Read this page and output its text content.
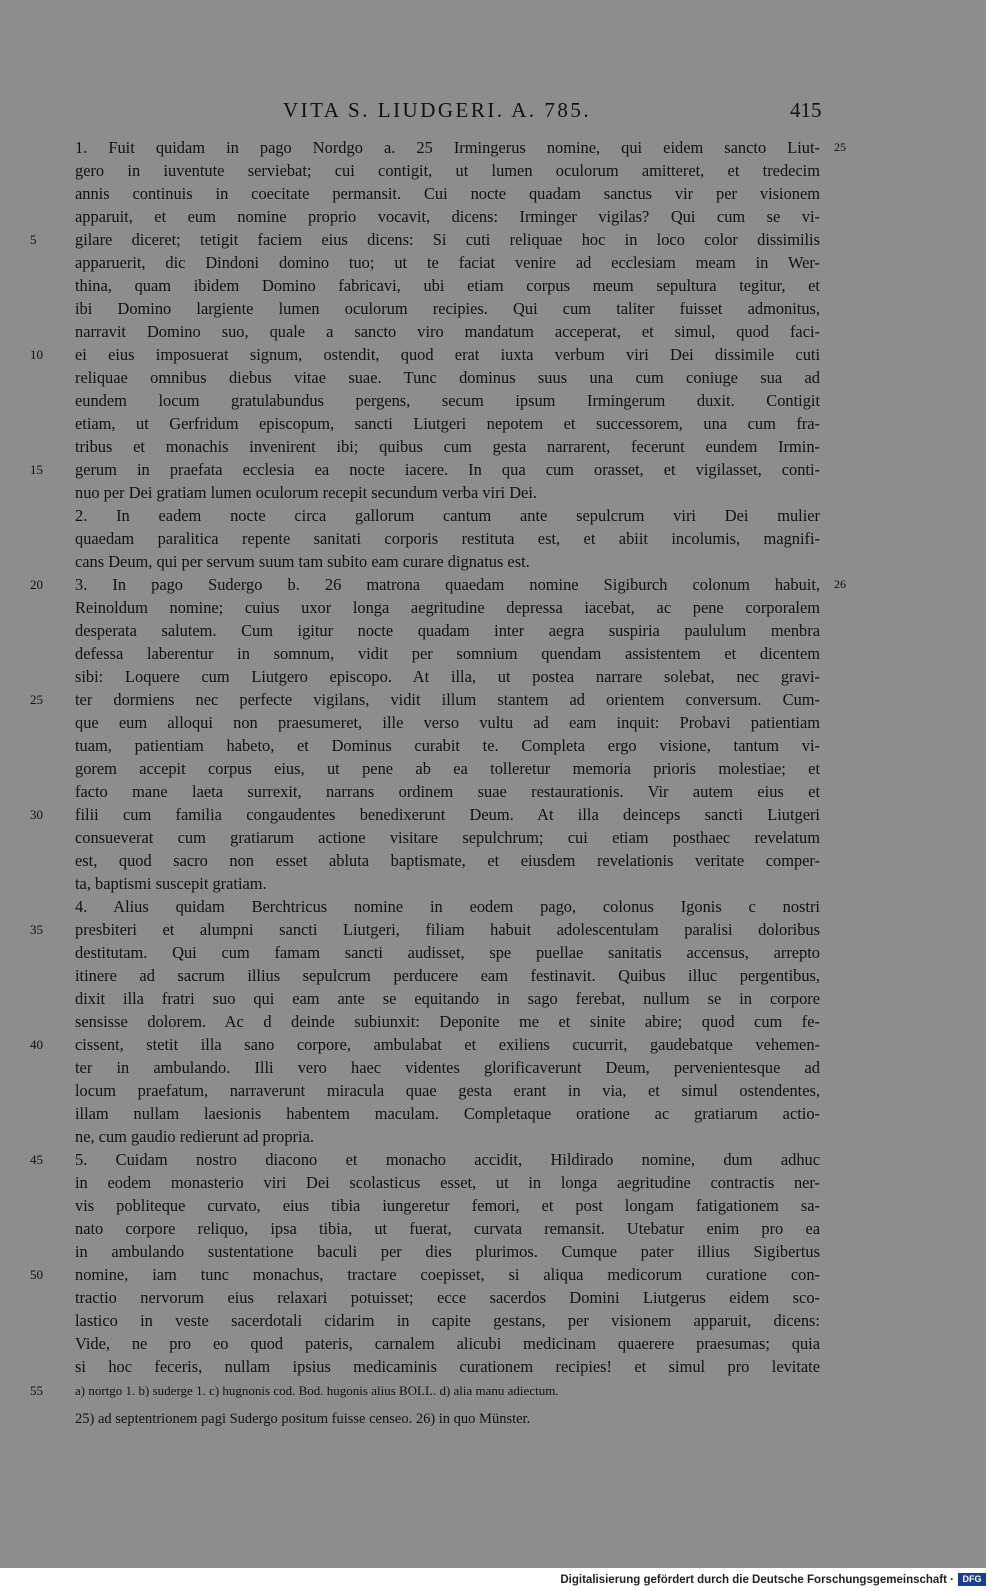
VITA S. LIUDGERI. A. 785.	415
1. Fuit quidam in pago Nordgo a. 25 Irmingerus nomine, qui eidem sancto Liut- 25
gero in iuventute serviebat; cui contigit, ut lumen oculorum amitteret, et tredecim
annis continuis in coecitate permansit. Cui nocte quadam sanctus vir per visionem
apparuit, et eum nomine proprio vocavit, dicens: Irminger vigilas? Qui cum se vi-
gilare diceret; tetigit faciem eius dicens: Si cuti reliquae hoc in loco color dissimilis
5
apparuerit, dic Dindoni domino tuo; ut te faciat venire ad ecclesiam meam in Wer-
thina, quam ibidem Domino fabricavi, ubi etiam corpus meum sepultura tegitur, et
ibi Domino largiente lumen oculorum recipies. Qui cum taliter fuisset admonitus,
narravit Domino suo, quale a sancto viro mandatum acceperat, et simul, quod faci-
ei eius imposuerat signum, ostendit, quod erat iuxta verbum viri Dei dissimile cuti
10
reliquae omnibus diebus vitae suae. Tunc dominus suus una cum coniuge sua ad
eundem locum gratulabundus pergens, secum ipsum Irmingerum duxit. Contigit
etiam, ut Gerfridum episcopum, sancti Liutgeri nepotem et successorem, una cum fra-
tribus et monachis invenirent ibi; quibus cum gesta narrarent, fecerunt eundem Irmin-
gerum in praefata ecclesia ea nocte iacere. In qua cum orasset, et vigilasset, conti-
15
nuo per Dei gratiam lumen oculorum recepit secundum verba viri Dei.
2. In eadem nocte circa gallorum cantum ante sepulcrum viri Dei mulier
quaedam paralitica repente sanitati corporis restituta est, et abiit incolumis, magnifi-
cans Deum, qui per servum suum tam subito eam curare dignatus est.
3. In pago Sudergo b. 26 matrona quaedam nomine Sigiburch colonum habuit,
20	26
Reinoldum nomine; cuius uxor longa aegritudine depressa iacebat, ac pene corporalem
desperata salutem. Cum igitur nocte quadam inter aegra suspiria paululum menbra
defessa laberentur in somnum, vidit per somnium quendam assistentem et dicentem
sibi: Loquere cum Liutgero episcopo. At illa, ut postea narrare solebat, nec gravi-
ter dormiens nec perfecte vigilans, vidit illum stantem ad orientem conversum. Cum-
25
que eum alloqui non praesumeret, ille verso vultu ad eam inquit: Probavi patientiam
tuam, patientiam habeto, et Dominus curabit te. Completa ergo visione, tantum vi-
gorem accepit corpus eius, ut pene ab ea tolleretur memoria prioris molestiae; et
facto mane laeta surrexit, narrans ordinem suae restaurationis. Vir autem eius et
filii cum familia congaudentes benedixerunt Deum. At illa deinceps sancti Liutgeri
30
consueverat cum gratiarum actione visitare sepulchrum; cui etiam posthaec revelatum
est, quod sacro non esset abluta baptismate, et eiusdem revelationis veritate comper-
ta, baptismi suscepit gratiam.
4. Alius quidam Berchtricus nomine in eodem pago, colonus Igonis c nostri
presbiteri et alumpni sancti Liutgeri, filiam habuit adolescentulam paralisi doloribus
35
destitutam. Qui cum famam sancti audisset, spe puellae sanitatis accensus, arrepto
itinere ad sacrum illius sepulcrum perducere eam festinavit. Quibus illuc pergentibus,
dixit illa fratri suo qui eam ante se equitando in sago ferebat, nullum se in corpore
sensisse dolorem. Ac d deinde subiunxit: Deponite me et sinite abire; quod cum fe-
cissent, stetit illa sano corpore, ambulabat et exiliens cucurrit, gaudebatque vehemen-
40
ter in ambulando. Illi vero haec videntes glorificaverunt Deum, pervenientesque ad
locum praefatum, narraverunt miracula quae gesta erant in via, et simul ostendentes,
illam nullam laesionis habentem maculam. Completaque oratione ac gratiarum actio-
ne, cum gaudio redierunt ad propria.
5. Cuidam nostro diacono et monacho accidit, Hildirado nomine, dum adhuc
45
in eodem monasterio viri Dei scolasticus esset, ut in longa aegritudine contractis ner-
vis pobliteque curvato, eius tibia iungeretur femori, et post longam fatigationem sa-
nato corpore reliquo, ipsa tibia, ut fuerat, curvata remansit. Utebatur enim pro ea
in ambulando sustentatione baculi per dies plurimos. Cumque pater illius Sigibertus
nomine, iam tunc monachus, tractare coepisset, si aliqua medicorum curatione con-
50
tractio nervorum eius relaxari potuisset; ecce sacerdos Domini Liutgerus eidem sco-
lastico in veste sacerdotali cidarim in capite gestans, per visionem apparuit, dicens:
Vide, ne pro eo quod pateris, carnalem alicubi medicinam quaerere praesumas; quia
si hoc feceris, nullam ipsius medicaminis curationem recipies! et simul pro levitate
55	a) nortgo 1. b) suderge 1. c) hugnonis cod. Bod. hugonis alius BOLL. d) alia manu adiectum.
25) ad septentrionem pagi Sudergo positum fuisse censeo. 26) in quo Münster.
Digitalisierung gefördert durch die Deutsche Forschungsgemeinschaft · DFG
